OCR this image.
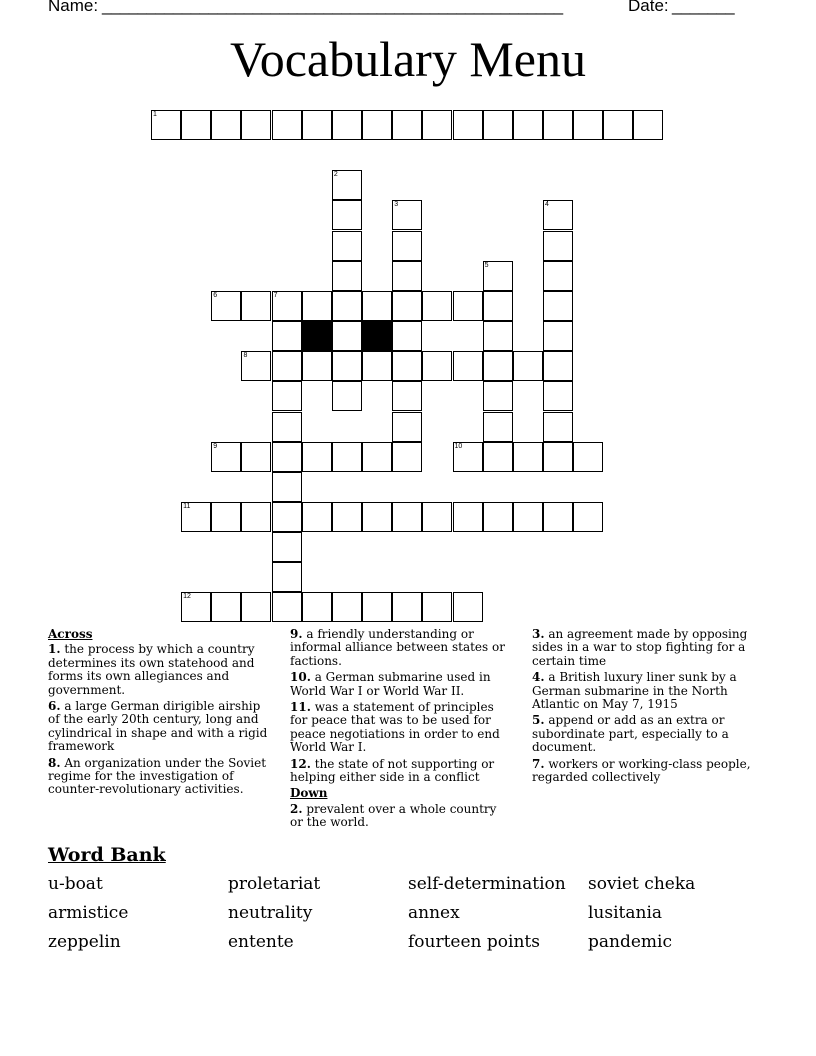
Name: ____________________________________________________	Date: _______
Vocabulary Menu
1
2
3	4
5
6	7
8
9	10
11
12
Across
1. the process by which a country determines its own statehood and forms its own allegiances and government.
6. a large German dirigible airship of the early 20th century, long and cylindrical in shape and with a rigid framework
8. An organization under the Soviet regime for the investigation of counter-revolutionary activities.
9. a friendly understanding or informal alliance between states or factions.
10. a German submarine used in World War I or World War II.
11. was a statement of principles for peace that was to be used for peace negotiations in order to end World War I.
12. the state of not supporting or helping either side in a conflict
Down
2. prevalent over a whole country or the world.
3. an agreement made by opposing sides in a war to stop fighting for a certain time
4. a British luxury liner sunk by a German submarine in the North Atlantic on May 7, 1915
5. append or add as an extra or subordinate part, especially to a document.
7. workers or working-class people, regarded collectively
Word Bank
u-boat	proletariat	self-determination	soviet cheka
armistice	neutrality	annex	lusitania
zeppelin	entente	fourteen points	pandemic
